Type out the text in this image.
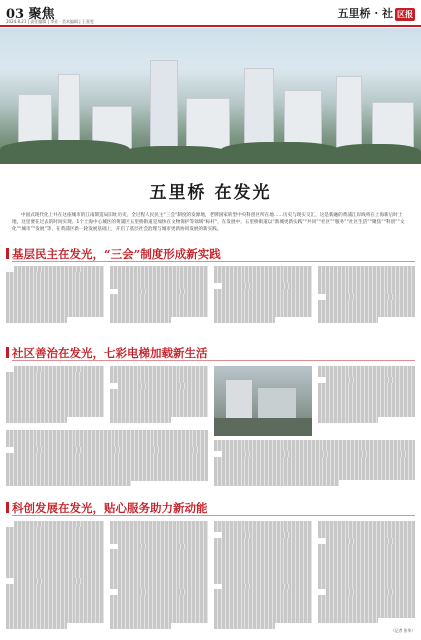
03 聚焦
2024.8.21 | 责任编辑 | 李亚 · 美术编辑 | 王嘉雯
五里桥 · 社 区报
五里桥 在发光
中国式现代化上井在这座城市的江南制造局旧址历史，全过程人民民主“三会”制度的发源地，老牌国家转型中央科创区所在地……历史与现实交汇，这是新融的黄浦江岸线将在上海新后时土地，这里要在过去的时间实现。1个上海中心城区的黄浦区五里桥街道是加快在文物保护等领域“标杆”，在发展中，五里桥街道以“新城更新实践”“共同”“社区”“服务”“社区生活”“聚焦”“科创”“文化”“城市”“发展”等，在黄浦区新一轮发展基础上，开启了基层社会治理与城市更新协同发展的新实践。
基层民主在发光，“三会”制度形成新实践
社区善治在发光，七彩电梯加载新生活
科创发展在发光，贴心服务助力新动能
（记者 张华）
